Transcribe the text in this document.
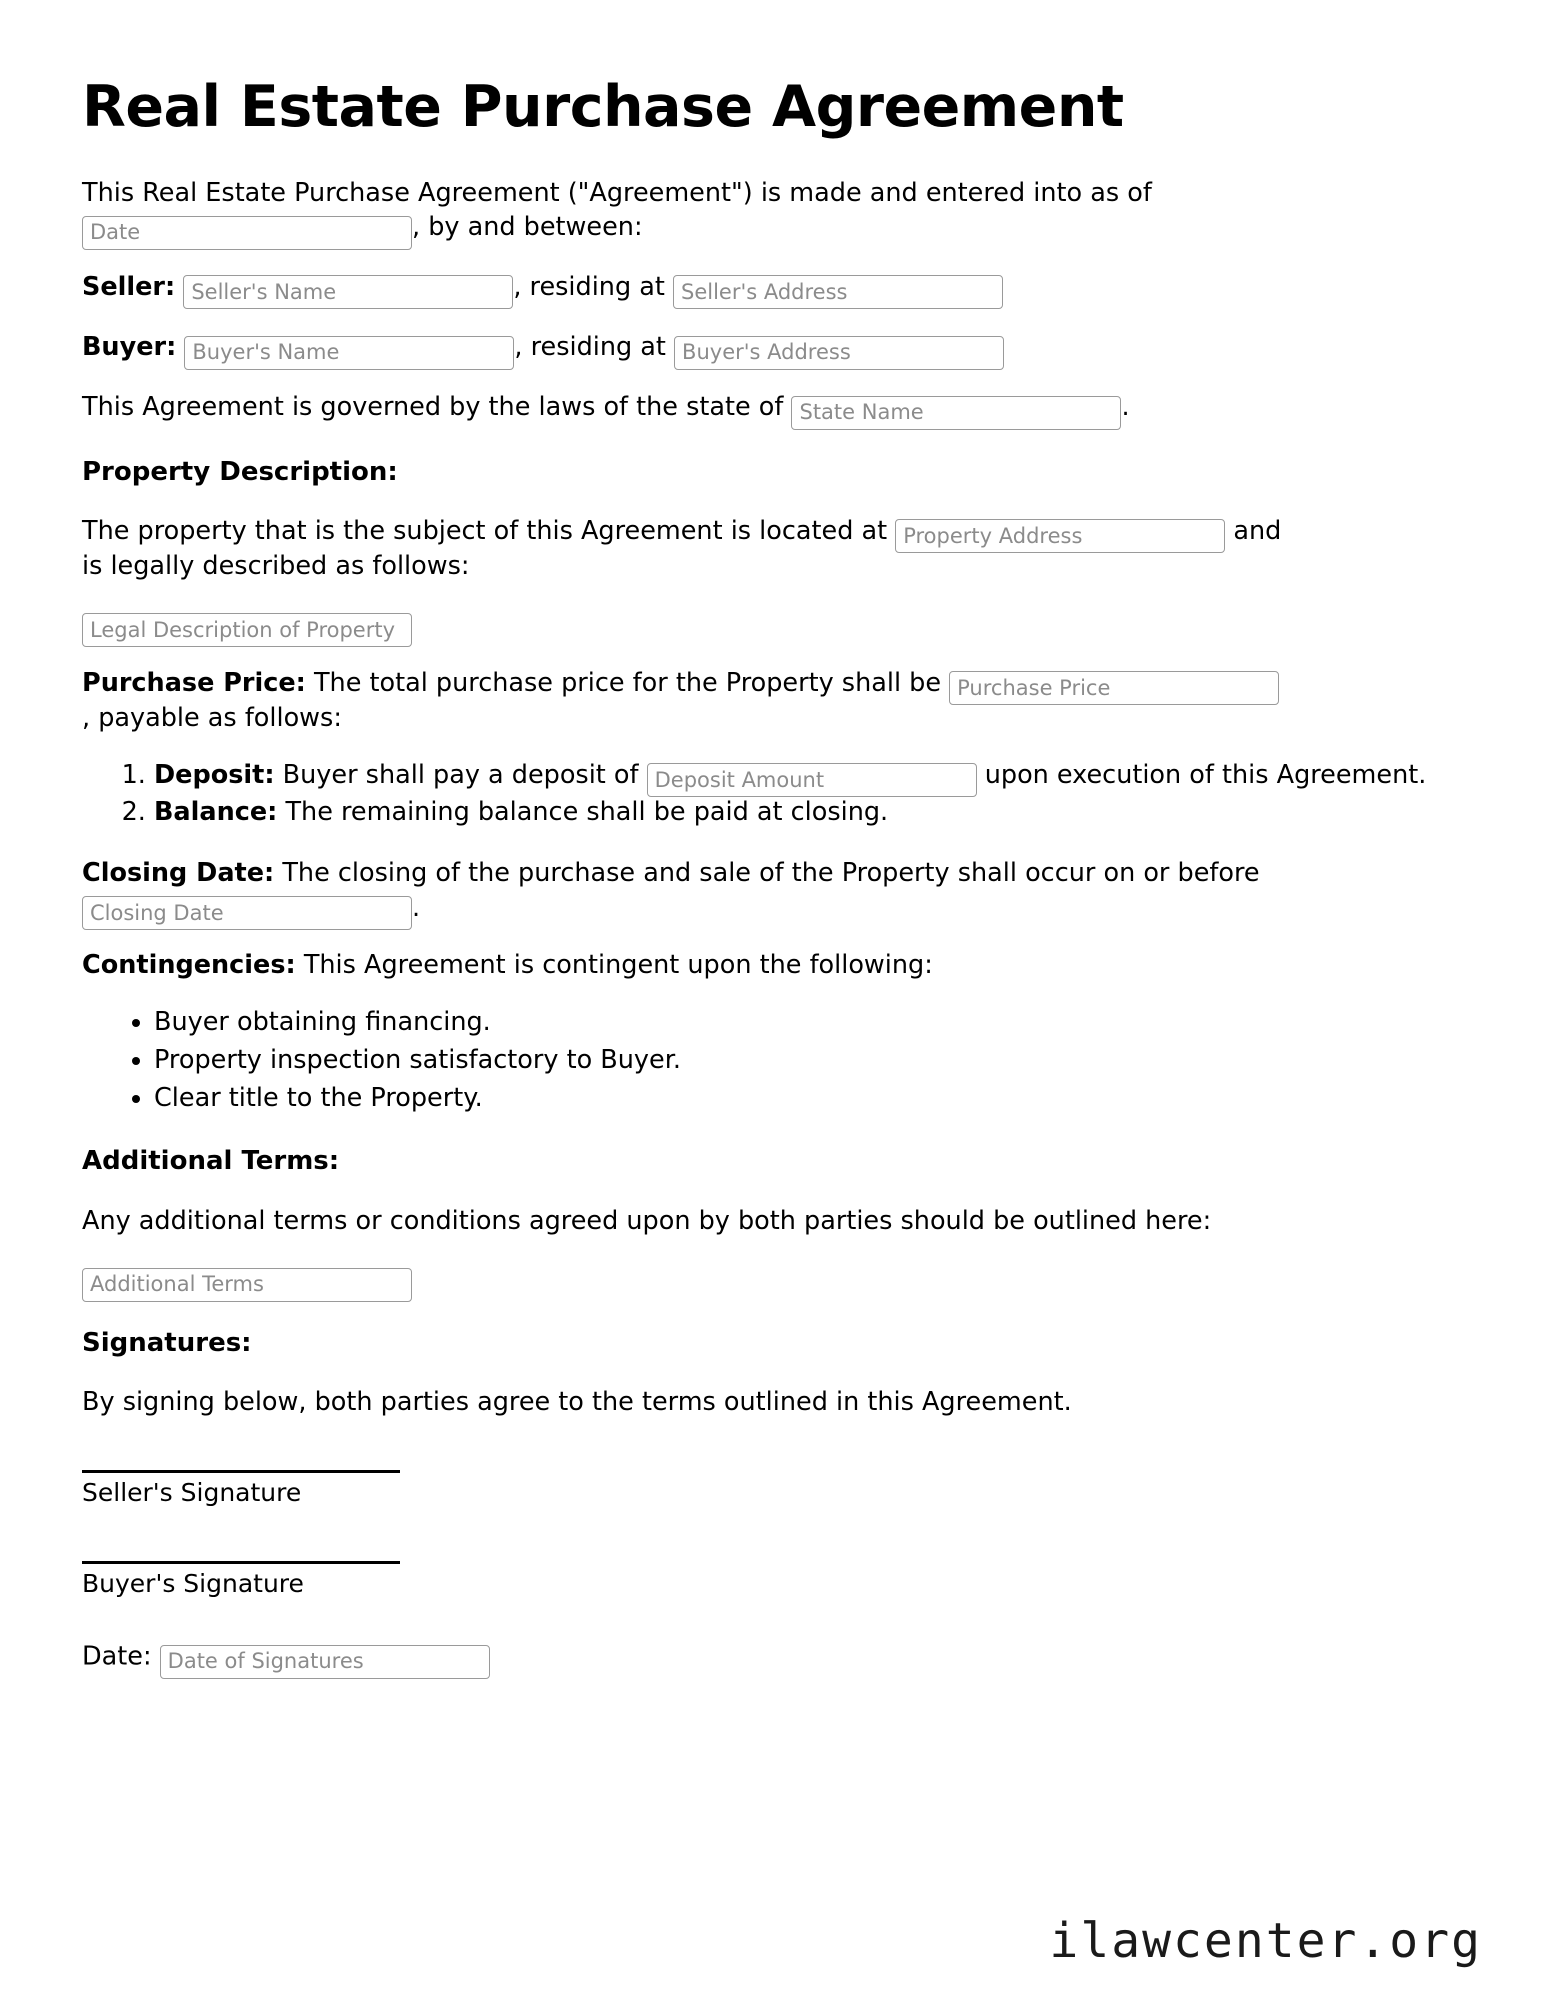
Real Estate Purchase Agreement

This Real Estate Purchase Agreement ("Agreement") is made and entered into as of
Date, by and between:

Seller: Seller's Name	, residing at Seller's Address

Buyer: Buyer's Name	, residing at Buyer's Address

This Agreement is governed by the laws of the state of State Name	.

Property Description:

The property that is the subject of this Agreement is located at Property Address	and
is legally described as follows:

Legal Description of Property

Purchase Price: The total purchase price for the Property shall be Purchase Price
, payable as follows:

1. Deposit: Buyer shall pay a deposit of Deposit Amount	upon execution of this Agreement.
2. Balance: The remaining balance shall be paid at closing.

Closing Date: The closing of the purchase and sale of the Property shall occur on or before Closing Date.

Contingencies: This Agreement is contingent upon the following:

• Buyer obtaining financing.
• Property inspection satisfactory to Buyer.
• Clear title to the Property.
Additional Terms:

Any additional terms or conditions agreed upon by both parties should be outlined here:

Additional Terms

Signatures:

By signing below, both parties agree to the terms outlined in this Agreement.

Seller's Signature
Buyer's Signature
Date: Date of Signatures
ilawcenter.org
